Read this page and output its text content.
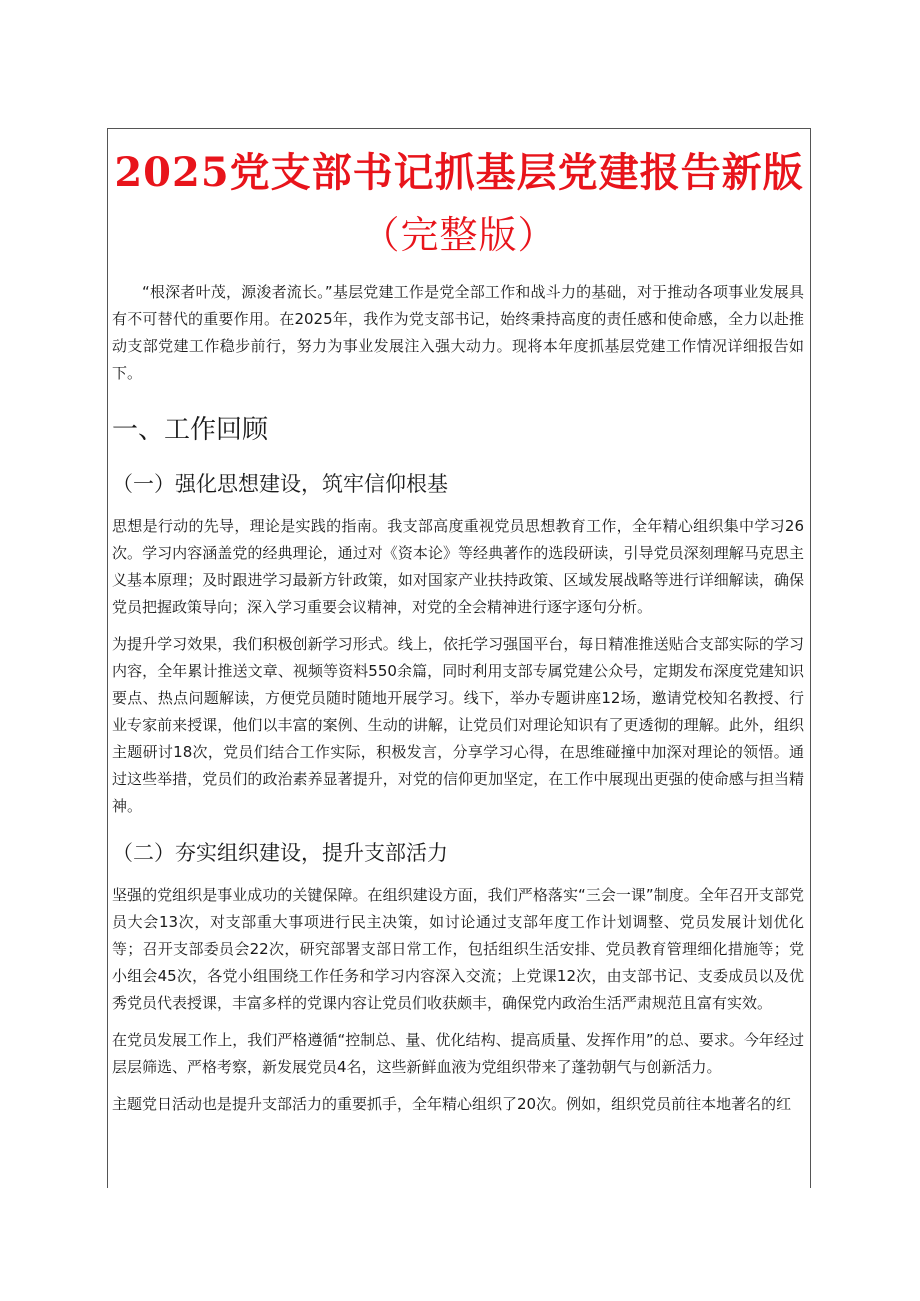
2025党支部书记抓基层党建报告新版
（完整版）

“根深者叶茂，源浚者流长。”基层党建工作是党全部工作和战斗力的基础，对于推动各项事业发展具有不可替代的重要作用。在2025年，我作为党支部书记，始终秉持高度的责任感和使命感，全力以赴推动支部党建工作稳步前行，努力为事业发展注入强大动力。现将本年度抓基层党建工作情况详细报告如下。

一、工作回顾
（一）强化思想建设，筑牢信仰根基

思想是行动的先导，理论是实践的指南。我支部高度重视党员思想教育工作，全年精心组织集中学习26次。学习内容涵盖党的经典理论，通过对《资本论》等经典著作的选段研读，引导党员深刻理解马克思主义基本原理；及时跟进学习最新方针政策，如对国家产业扶持政策、区域发展战略等进行详细解读，确保党员把握政策导向；深入学习重要会议精神，对党的全会精神进行逐字逐句分析。

为提升学习效果，我们积极创新学习形式。线上，依托学习强国平台，每日精准推送贴合支部实际的学习内容，全年累计推送文章、视频等资料550余篇，同时利用支部专属党建公众号，定期发布深度党建知识要点、热点问题解读，方便党员随时随地开展学习。线下，举办专题讲座12场，邀请党校知名教授、行业专家前来授课，他们以丰富的案例、生动的讲解，让党员们对理论知识有了更透彻的理解。此外，组织主题研讨18次，党员们结合工作实际，积极发言，分享学习心得，在思维碰撞中加深对理论的领悟。通过这些举措，党员们的政治素养显著提升，对党的信仰更加坚定，在工作中展现出更强的使命感与担当精神。

（二）夯实组织建设，提升支部活力

坚强的党组织是事业成功的关键保障。在组织建设方面，我们严格落实“三会一课”制度。全年召开支部党员大会13次，对支部重大事项进行民主决策，如讨论通过支部年度工作计划调整、党员发展计划优化等；召开支部委员会22次，研究部署支部日常工作，包括组织生活安排、党员教育管理细化措施等；党小组会45次，各党小组围绕工作任务和学习内容深入交流；上党课12次，由支部书记、支委成员以及优秀党员代表授课，丰富多样的党课内容让党员们收获颇丰，确保党内政治生活严肃规范且富有实效。

在党员发展工作上，我们严格遵循“控制总、量、优化结构、提高质量、发挥作用”的总、要求。今年经过层层筛选、严格考察，新发展党员4名，这些新鲜血液为党组织带来了蓬勃朝气与创新活力。

主题党日活动也是提升支部活力的重要抓手，全年精心组织了20次。例如，组织党员前往本地著名的红
